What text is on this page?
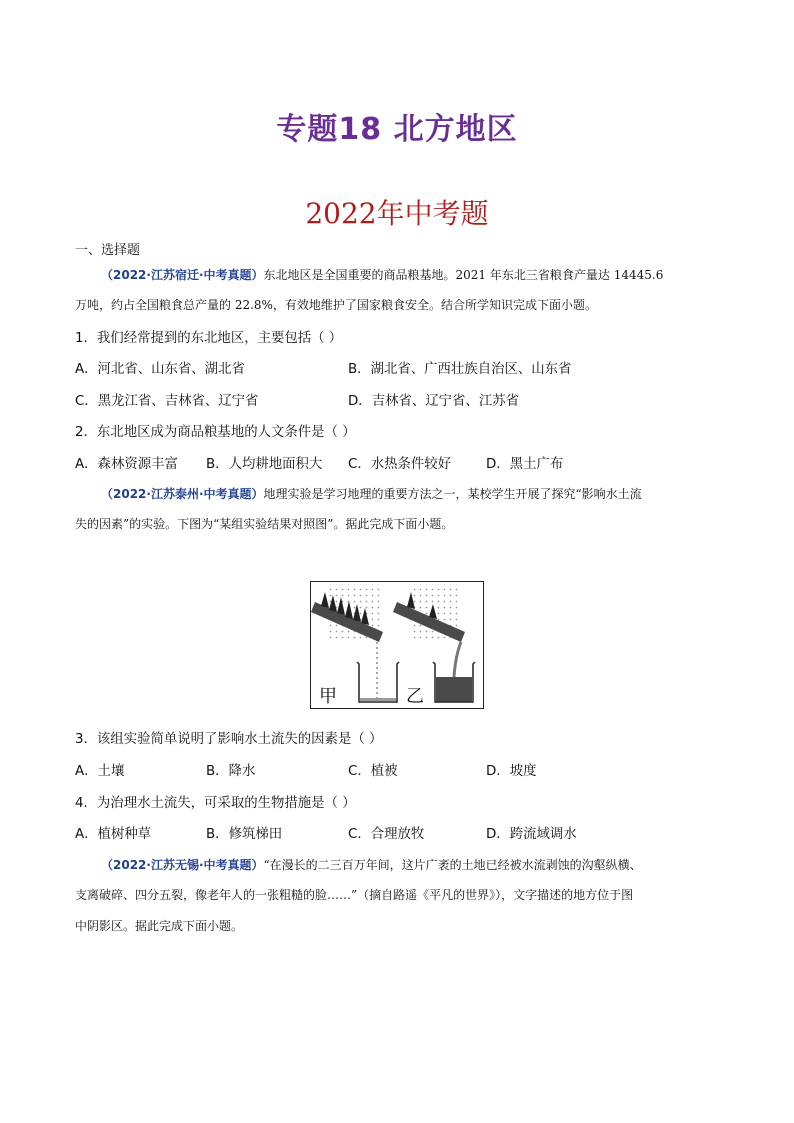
专题18 北方地区
2022年中考题
一、选择题
（2022·江苏宿迁·中考真题）东北地区是全国重要的商品粮基地。2021 年东北三省粮食产量达 14445.6
万吨，约占全国粮食总产量的 22.8%，有效地维护了国家粮食安全。结合所学知识完成下面小题。
1．我们经常提到的东北地区，主要包括（ ）
A．河北省、山东省、湖北省	B．湖北省、广西壮族自治区、山东省
C．黑龙江省、吉林省、辽宁省	D．吉林省、辽宁省、江苏省
2．东北地区成为商品粮基地的人文条件是（ ）
A．森林资源丰富 B．人均耕地面积大 C．水热条件较好	D．黑土广布
（2022·江苏泰州·中考真题）地理实验是学习地理的重要方法之一，某校学生开展了探究“影响水土流
失的因素”的实验。下图为“某组实验结果对照图”。据此完成下面小题。
甲	乙
3．该组实验简单说明了影响水土流失的因素是（ ）
A．土壤	B．降水	C．植被	D．坡度
4．为治理水土流失，可采取的生物措施是（ ）
A．植树种草	B．修筑梯田	C．合理放牧	D．跨流域调水
（2022·江苏无锡·中考真题）“在漫长的二三百万年间，这片广袤的土地已经被水流剥蚀的沟壑纵横、
支离破碎、四分五裂，像老年人的一张粗糙的脸……”（摘自路遥《平凡的世界》），文字描述的地方位于图
中阴影区。据此完成下面小题。
